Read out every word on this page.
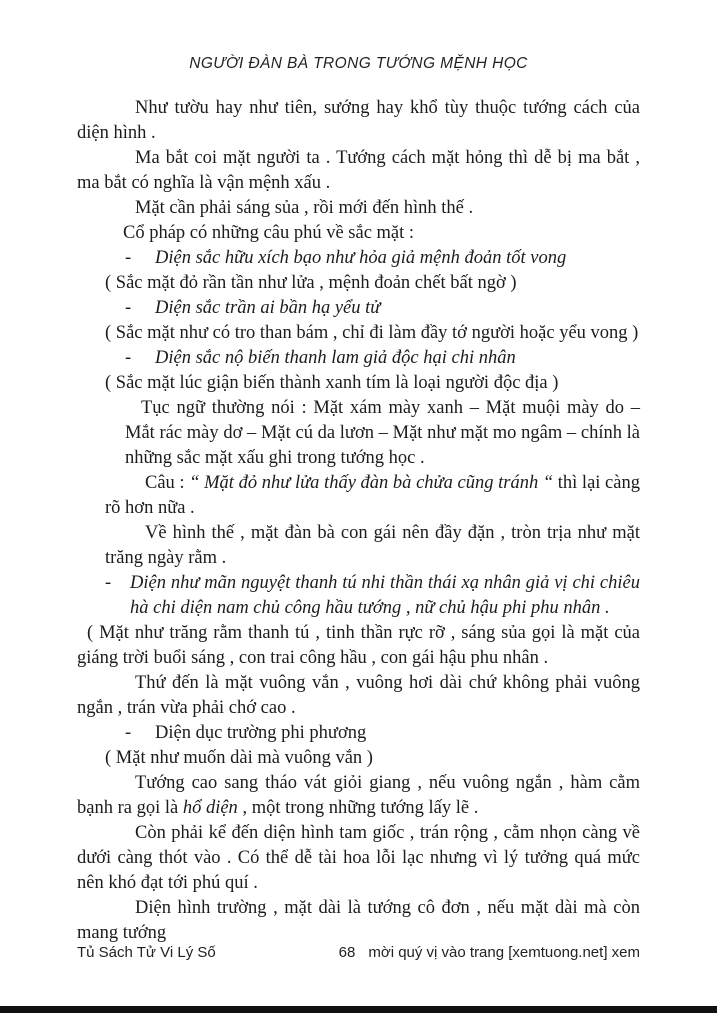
NGƯỜI ĐÀN BÀ TRONG TƯỚNG MỆNH HỌC

Như tườu hay như tiên, sướng hay khổ tùy thuộc tướng cách của diện hình .

Ma bắt coi mặt người ta . Tướng cách mặt hỏng thì dễ bị ma bắt , ma bắt có nghĩa là vận mệnh xấu .

Mặt cần phải sáng sủa , rồi mới đến hình thế .

Cổ pháp có những câu phú về sắc mặt :

-	Diện sắc hữu xích bạo như hỏa giả mệnh đoản tốt vong

( Sắc mặt đỏ rần tần như lửa , mệnh đoản chết bất ngờ )

-	Diện sắc trần ai bần hạ yểu tử

( Sắc mặt như có tro than bám , chỉ đi làm đầy tớ người hoặc yểu vong )

-	Diện sắc nộ biến thanh lam giả độc hại chi nhân

( Sắc mặt lúc giận biến thành xanh tím là loại người độc địa )

Tục ngữ thường nói : Mặt xám mày xanh – Mặt muội mày do – Mắt rác mày dơ – Mặt cú da lươn – Mặt như mặt mo ngâm – chính là những sắc mặt xấu ghi trong tướng học .

Câu : “ Mặt đỏ như lửa thấy đàn bà chửa cũng tránh “ thì lại càng rõ hơn nữa .

Về hình thế , mặt đàn bà con gái nên đầy đặn , tròn trịa như mặt trăng ngày rằm .

-	Diện như mãn nguyệt thanh tú nhi thần thái xạ nhân giả vị chi chiêu hà chi diện nam chủ công hầu tướng , nữ chủ hậu phi phu nhân .

( Mặt như trăng rằm thanh tú , tinh thần rực rỡ , sáng sủa gọi là mặt của giáng trời buổi sáng , con trai công hầu , con gái hậu phu nhân .

Thứ đến là mặt vuông vắn , vuông hơi dài chứ không phải vuông ngắn , trán vừa phải chớ cao .

-	Diện dục trường phi phương

( Mặt như muốn dài mà vuông vắn )

Tướng cao sang tháo vát giỏi giang , nếu vuông ngắn , hàm cằm bạnh ra gọi là hổ diện , một trong những tướng lấy lẽ .

Còn phải kể đến diện hình tam giốc , trán rộng , cằm nhọn càng về dưới càng thót vào . Có thể dễ tài hoa lỗi lạc nhưng vì lý tưởng quá mức nên khó đạt tới phú quí .

Diện hình trường , mặt dài là tướng cô đơn , nếu mặt dài mà còn mang tướng

Tủ Sách Tử Vi Lý Số	68 mời quý vị vào trang [xemtuong.net] xem
